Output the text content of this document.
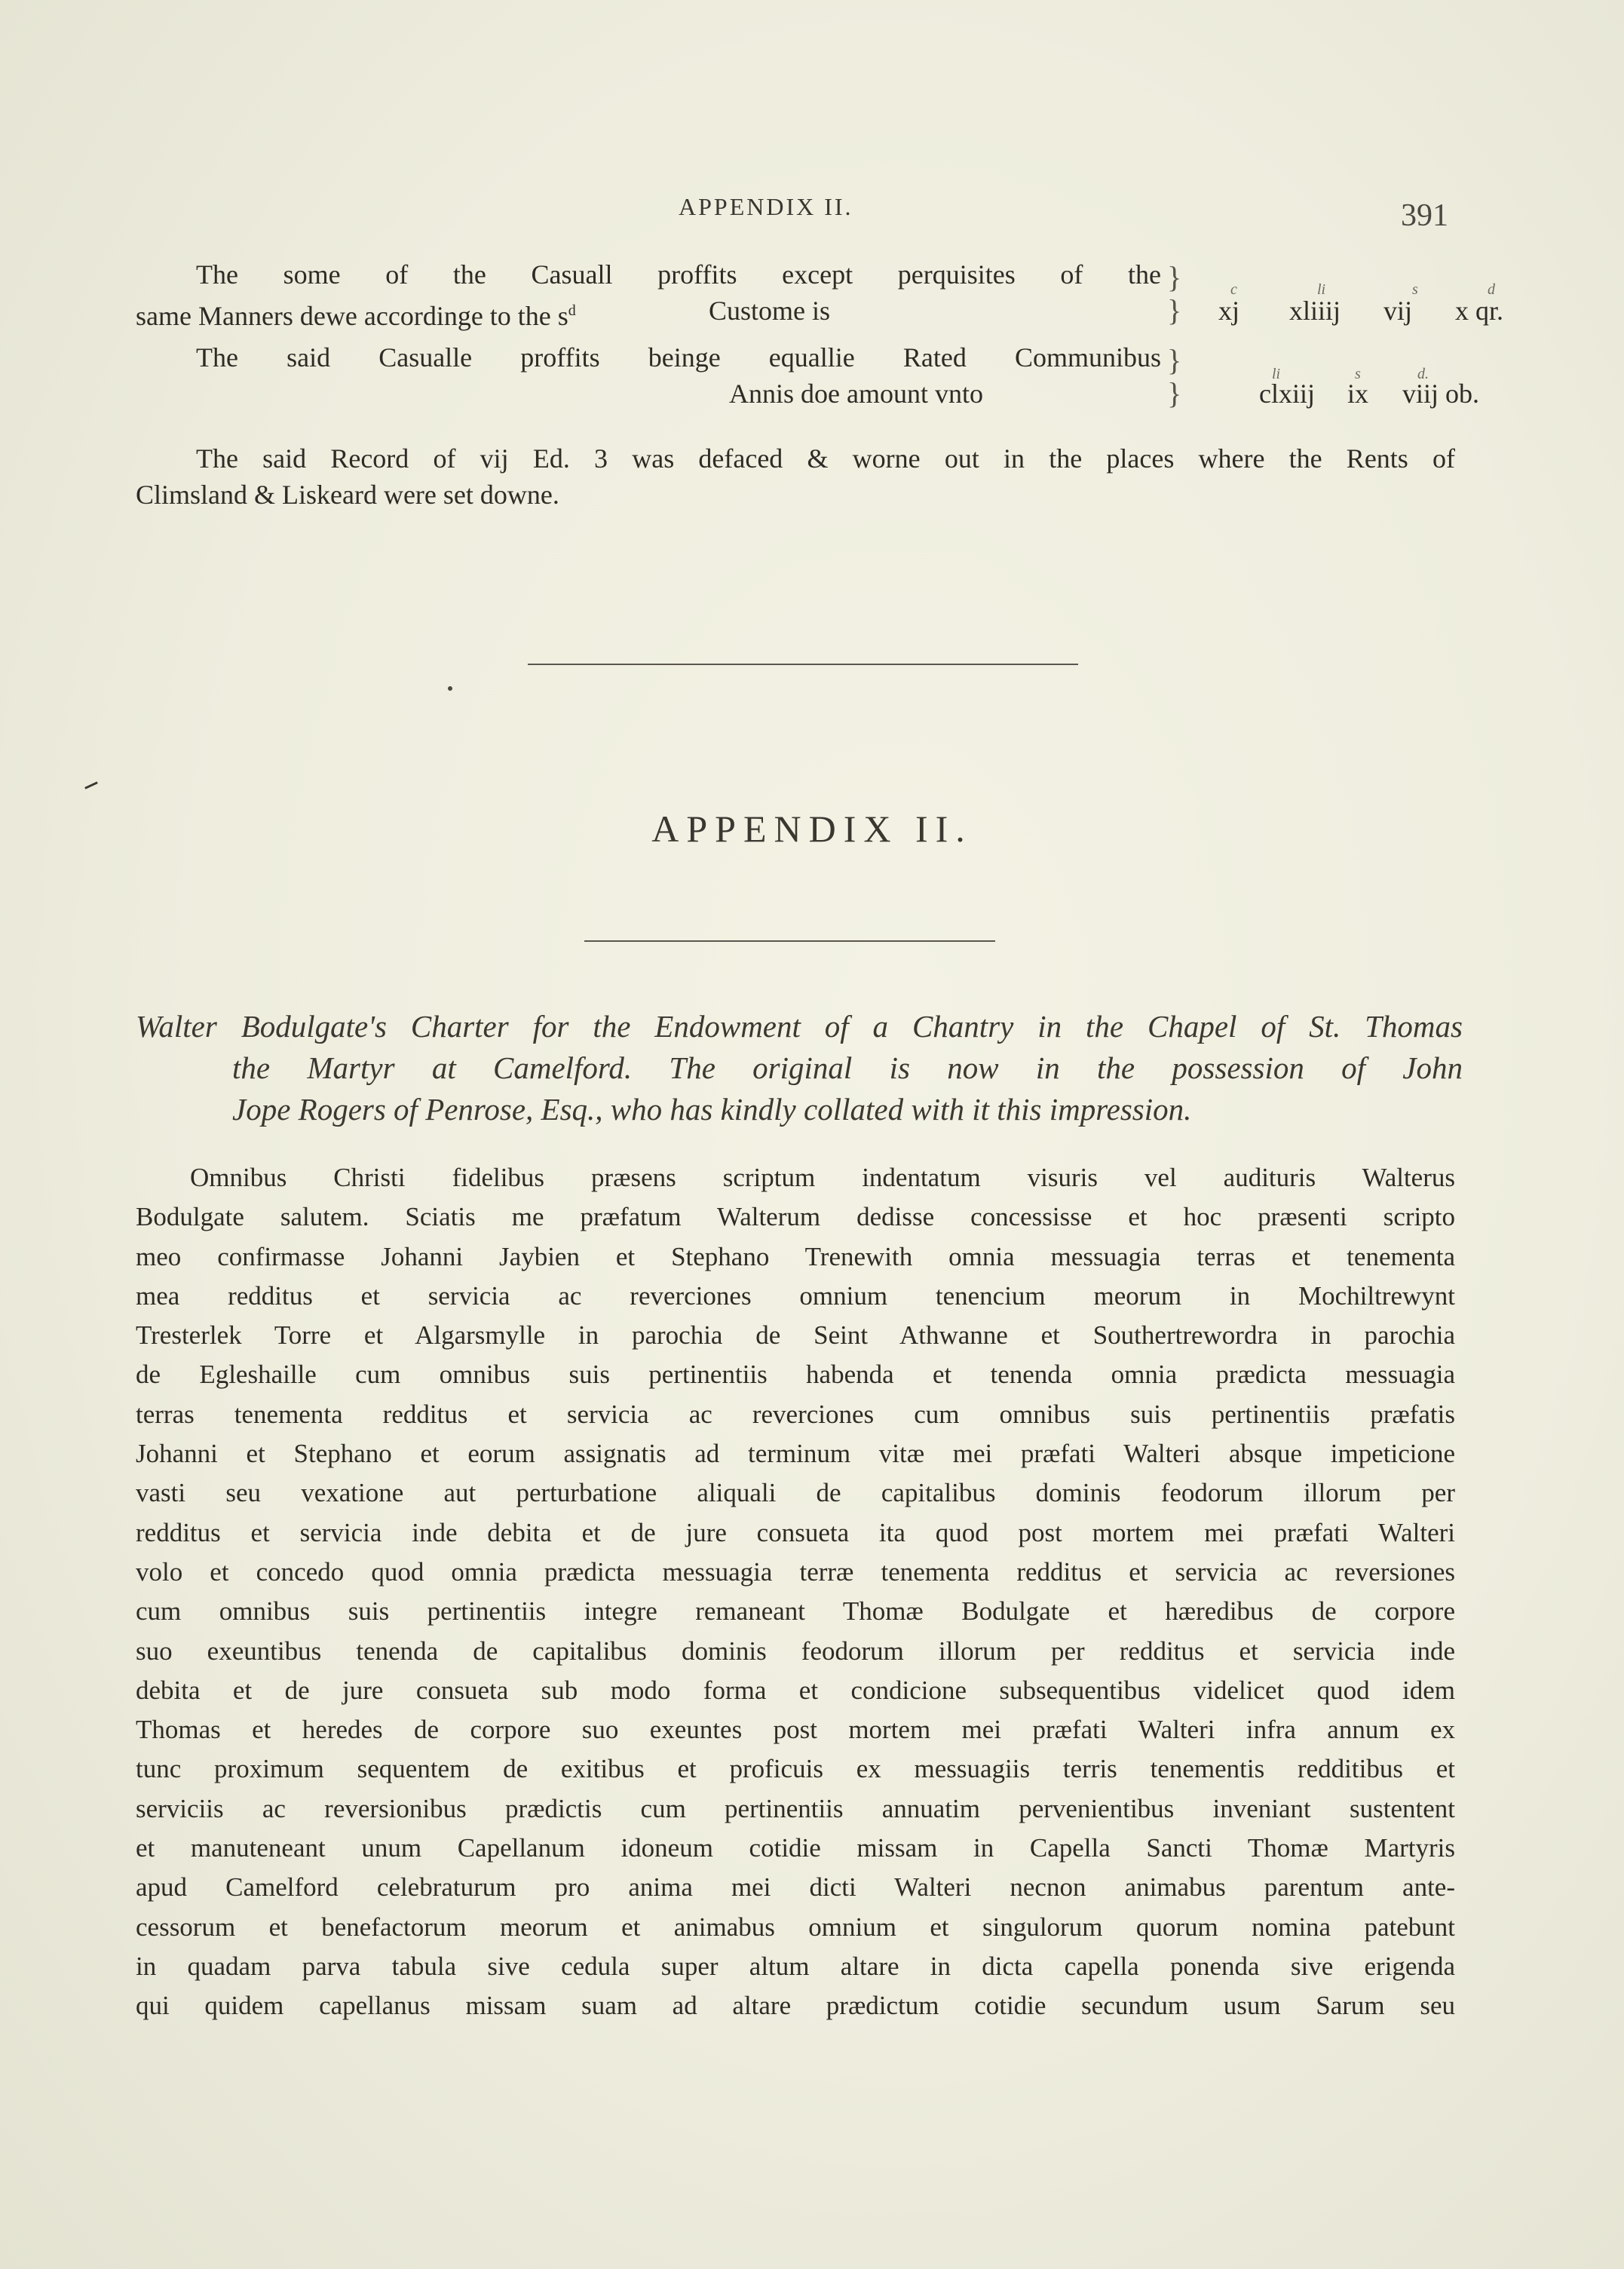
APPENDIX II.	391
The some of the Casuall proffits except perquisites of the }	c	li	s	d
same Manners dewe accordinge to the $s^d$	Custome is	} xj xliiij vij x qr.
The said Casualle proffits beinge equallie Rated Communibus }	li	s	d.
Annis doe amount vnto	}	clxiij ix viij ob.
The said Record of vij Ed. 3 was defaced & worne out in the places where the Rents of
Climsland & Liskeard were set downe.
APPENDIX II.
Walter Bodulgate's Charter for the Endowment of a Chantry in the Chapel of St. Thomas
the Martyr at Camelford. The original is now in the possession of John
Jope Rogers of Penrose, Esq., who has kindly collated with it this impression.
Omnibus Christi fidelibus præsens scriptum indentatum visuris vel audituris Walterus
Bodulgate salutem. Sciatis me præfatum Walterum dedisse concessisse et hoc præsenti scripto
meo confirmasse Johanni Jaybien et Stephano Trenewith omnia messuagia terras et tenementa
mea redditus et servicia ac reverciones omnium tenencium meorum in Mochiltrewynt
Tresterlek Torre et Algarsmylle in parochia de Seint Athwanne et Southertrewordra in parochia
de Egleshaille cum omnibus suis pertinentiis habenda et tenenda omnia prædicta messuagia
terras tenementa redditus et servicia ac reverciones cum omnibus suis pertinentiis præfatis
Johanni et Stephano et eorum assignatis ad terminum vitæ mei præfati Walteri absque impeticione
vasti seu vexatione aut perturbatione aliquali de capitalibus dominis feodorum illorum per
redditus et servicia inde debita et de jure consueta ita quod post mortem mei præfati Walteri
volo et concedo quod omnia prædicta messuagia terræ tenementa redditus et servicia ac reversiones
cum omnibus suis pertinentiis integre remaneant Thomæ Bodulgate et hæredibus de corpore
suo exeuntibus tenenda de capitalibus dominis feodorum illorum per redditus et servicia inde
debita et de jure consueta sub modo forma et condicione subsequentibus videlicet quod idem
Thomas et heredes de corpore suo exeuntes post mortem mei præfati Walteri infra annum ex
tunc proximum sequentem de exitibus et proficuis ex messuagiis terris tenementis redditibus et
serviciis ac reversionibus prædictis cum pertinentiis annuatim pervenientibus inveniant sustentent
et manuteneant unum Capellanum idoneum cotidie missam in Capella Sancti Thomæ Martyris
apud Camelford celebraturum pro anima mei dicti Walteri necnon animabus parentum ante-
cessorum et benefactorum meorum et animabus omnium et singulorum quorum nomina patebunt
in quadam parva tabula sive cedula super altum altare in dicta capella ponenda sive erigenda
qui quidem capellanus missam suam ad altare prædictum cotidie secundum usum Sarum seu
